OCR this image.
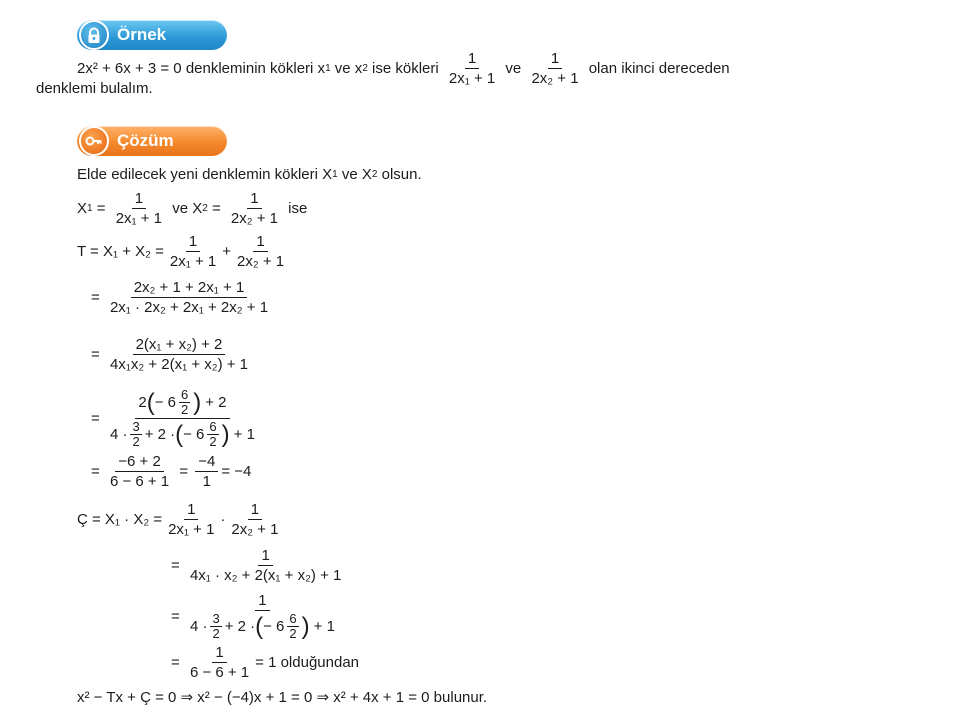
Örnek
2x² + 6x + 3 = 0 denkleminin kökleri x 1 ve x 2 ise kökleri $\frac{1}{\text{2x₁ + 1}}$ ve $\frac{1}{\text{2x₂ + 1}}$ olan ikinci dereceden
denklemi bulalım.
Çözüm
Elde edilecek yeni denklemin kökleri X 1 ve X 2 olsun.
X $1 = \frac{1}{\text{2x₁ + 1}}$ ve X $2 = \frac{1}{\text{2x₂ + 1}}$ ise
$T = X_1 + X_2 = \frac{1}{\text{2x₁ + 1}} + \frac{1}{\text{2x₂ + 1}}$
= $\frac{\text{2x₂ + 1 + 2x₁ + 1}}{\text{2x₁ · 2x₂ + 2x₁ + 2x₂ + 1}}$
= $\frac{\text{2(x₁ + x₂) + 2}}{\text{4x₁x₂ + 2(x₁ + x₂) + 1}}$
=
2 ( − $6 \frac{6}{2}$ ) + 2
$4 \cdot \frac{3}{2} + 2$ · ( − $6 \frac{6}{2}$ ) + 1
= $\frac{-6 + 2}{6 - 6 + 1} = \frac{-4}{1} = -4$
Ç = $X_1 \cdot X_2 = \frac{1}{\text{2x₁ + 1}} \cdot \frac{1}{\text{2x₂ + 1}}$
= $\frac{1}{\text{4x₁ · x₂ + 2(x₁ + x₂) + 1}}$
=
1
$4 \cdot \frac{3}{2} + 2$ · ( − $6 \frac{6}{2}$ ) + 1
= $\frac{1}{6 - 6 + 1} = 1$ olduğundan
x² − Tx + Ç = 0 ⇒ x² − (−4)x + 1 = 0 ⇒ x² + 4x + 1 = 0 bulunur.
